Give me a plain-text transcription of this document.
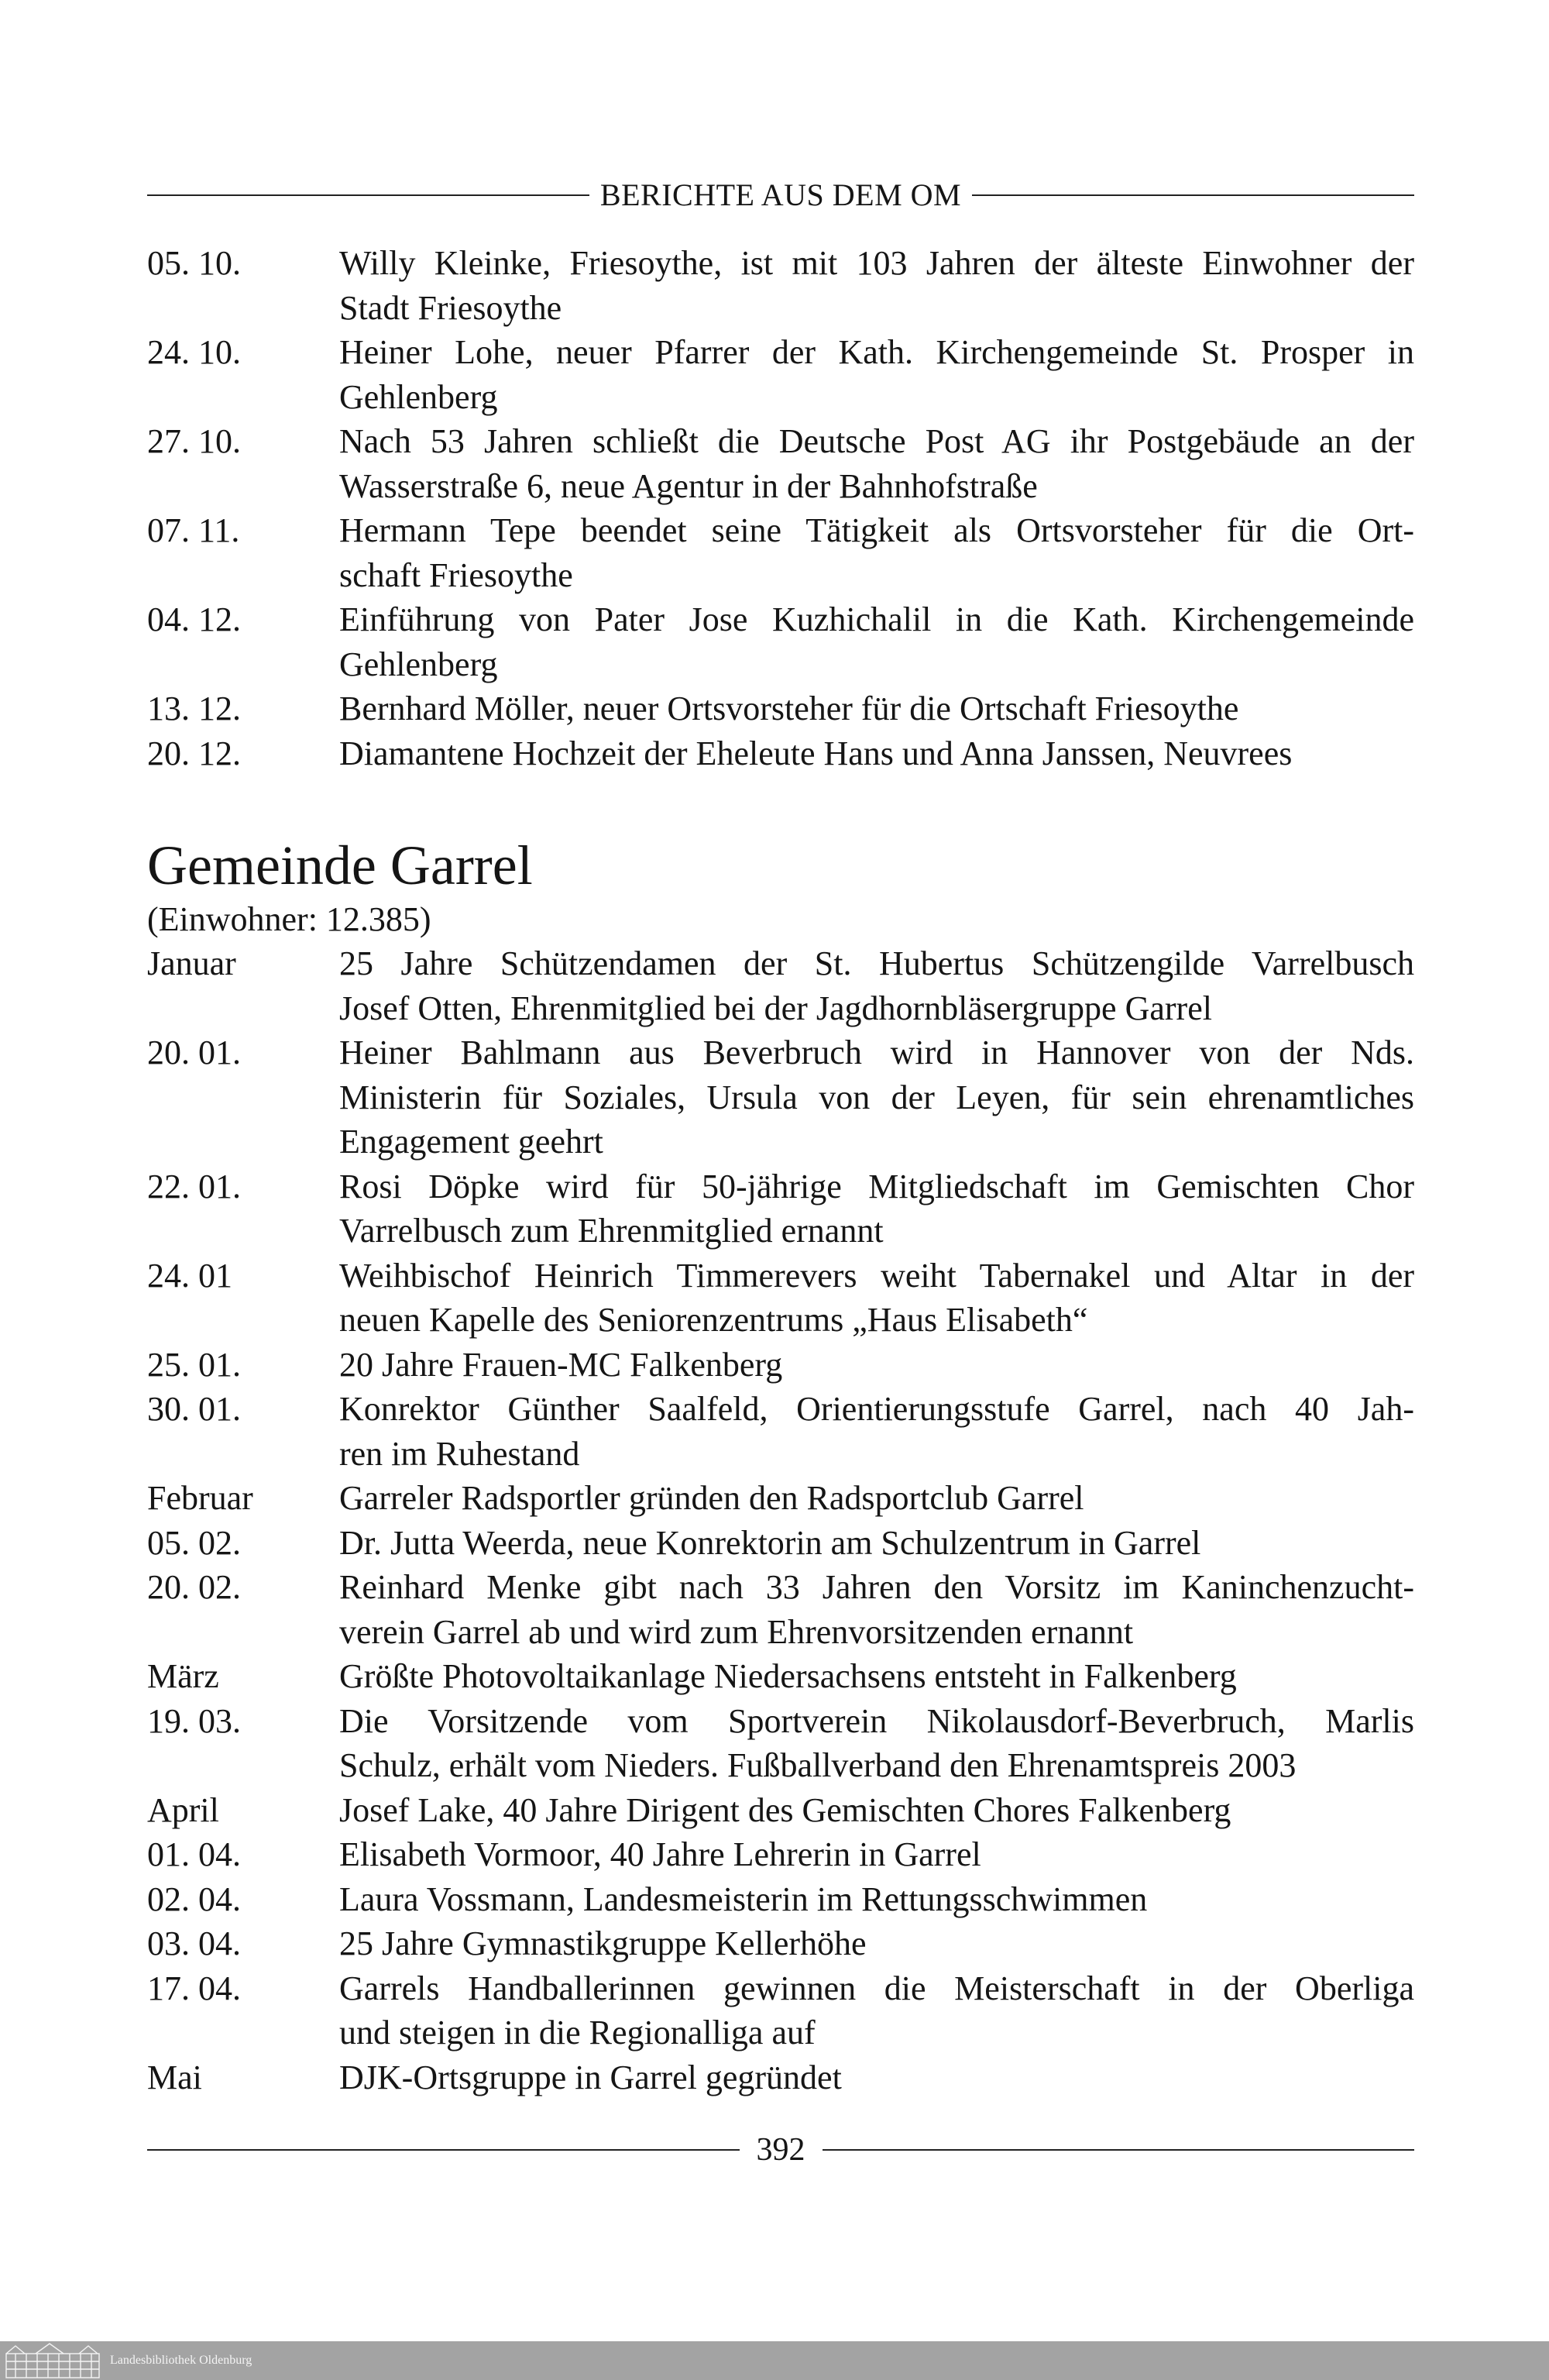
BERICHTE AUS DEM OM
05. 10.	Willy Kleinke, Friesoythe, ist mit 103 Jahren der älteste Einwohner der
Stadt Friesoythe
24. 10.	Heiner Lohe, neuer Pfarrer der Kath. Kirchengemeinde St. Prosper in
Gehlenberg
27. 10.	Nach 53 Jahren schließt die Deutsche Post AG ihr Postgebäude an der
Wasserstraße 6, neue Agentur in der Bahnhofstraße
07. 11.	Hermann Tepe beendet seine Tätigkeit als Ortsvorsteher für die Ort-
schaft Friesoythe
04. 12.	Einführung von Pater Jose Kuzhichalil in die Kath. Kirchengemeinde
Gehlenberg
13. 12.	Bernhard Möller, neuer Ortsvorsteher für die Ortschaft Friesoythe
20. 12.	Diamantene Hochzeit der Eheleute Hans und Anna Janssen, Neuvrees
Gemeinde Garrel
(Einwohner: 12.385)
Januar	25 Jahre Schützendamen der St. Hubertus Schützengilde Varrelbusch
Josef Otten, Ehrenmitglied bei der Jagdhornbläsergruppe Garrel
20. 01.	Heiner Bahlmann aus Beverbruch wird in Hannover von der Nds.
Ministerin für Soziales, Ursula von der Leyen, für sein ehrenamtliches
Engagement geehrt
22. 01.	Rosi Döpke wird für 50-jährige Mitgliedschaft im Gemischten Chor
Varrelbusch zum Ehrenmitglied ernannt
24. 01	Weihbischof Heinrich Timmerevers weiht Tabernakel und Altar in der
neuen Kapelle des Seniorenzentrums „Haus Elisabeth“
25. 01.	20 Jahre Frauen-MC Falkenberg
30. 01.	Konrektor Günther Saalfeld, Orientierungsstufe Garrel, nach 40 Jah-
ren im Ruhestand
Februar	Garreler Radsportler gründen den Radsportclub Garrel
05. 02.	Dr. Jutta Weerda, neue Konrektorin am Schulzentrum in Garrel
20. 02.	Reinhard Menke gibt nach 33 Jahren den Vorsitz im Kaninchenzucht-
verein Garrel ab und wird zum Ehrenvorsitzenden ernannt
März	Größte Photovoltaikanlage Niedersachsens entsteht in Falkenberg
19. 03.	Die Vorsitzende vom Sportverein Nikolausdorf-Beverbruch, Marlis
Schulz, erhält vom Nieders. Fußballverband den Ehrenamtspreis 2003
April	Josef Lake, 40 Jahre Dirigent des Gemischten Chores Falkenberg
01. 04.	Elisabeth Vormoor, 40 Jahre Lehrerin in Garrel
02. 04.	Laura Vossmann, Landesmeisterin im Rettungsschwimmen
03. 04.	25 Jahre Gymnastikgruppe Kellerhöhe
17. 04.	Garrels Handballerinnen gewinnen die Meisterschaft in der Oberliga
und steigen in die Regionalliga auf
Mai	DJK-Ortsgruppe in Garrel gegründet
392
Landesbibliothek Oldenburg
